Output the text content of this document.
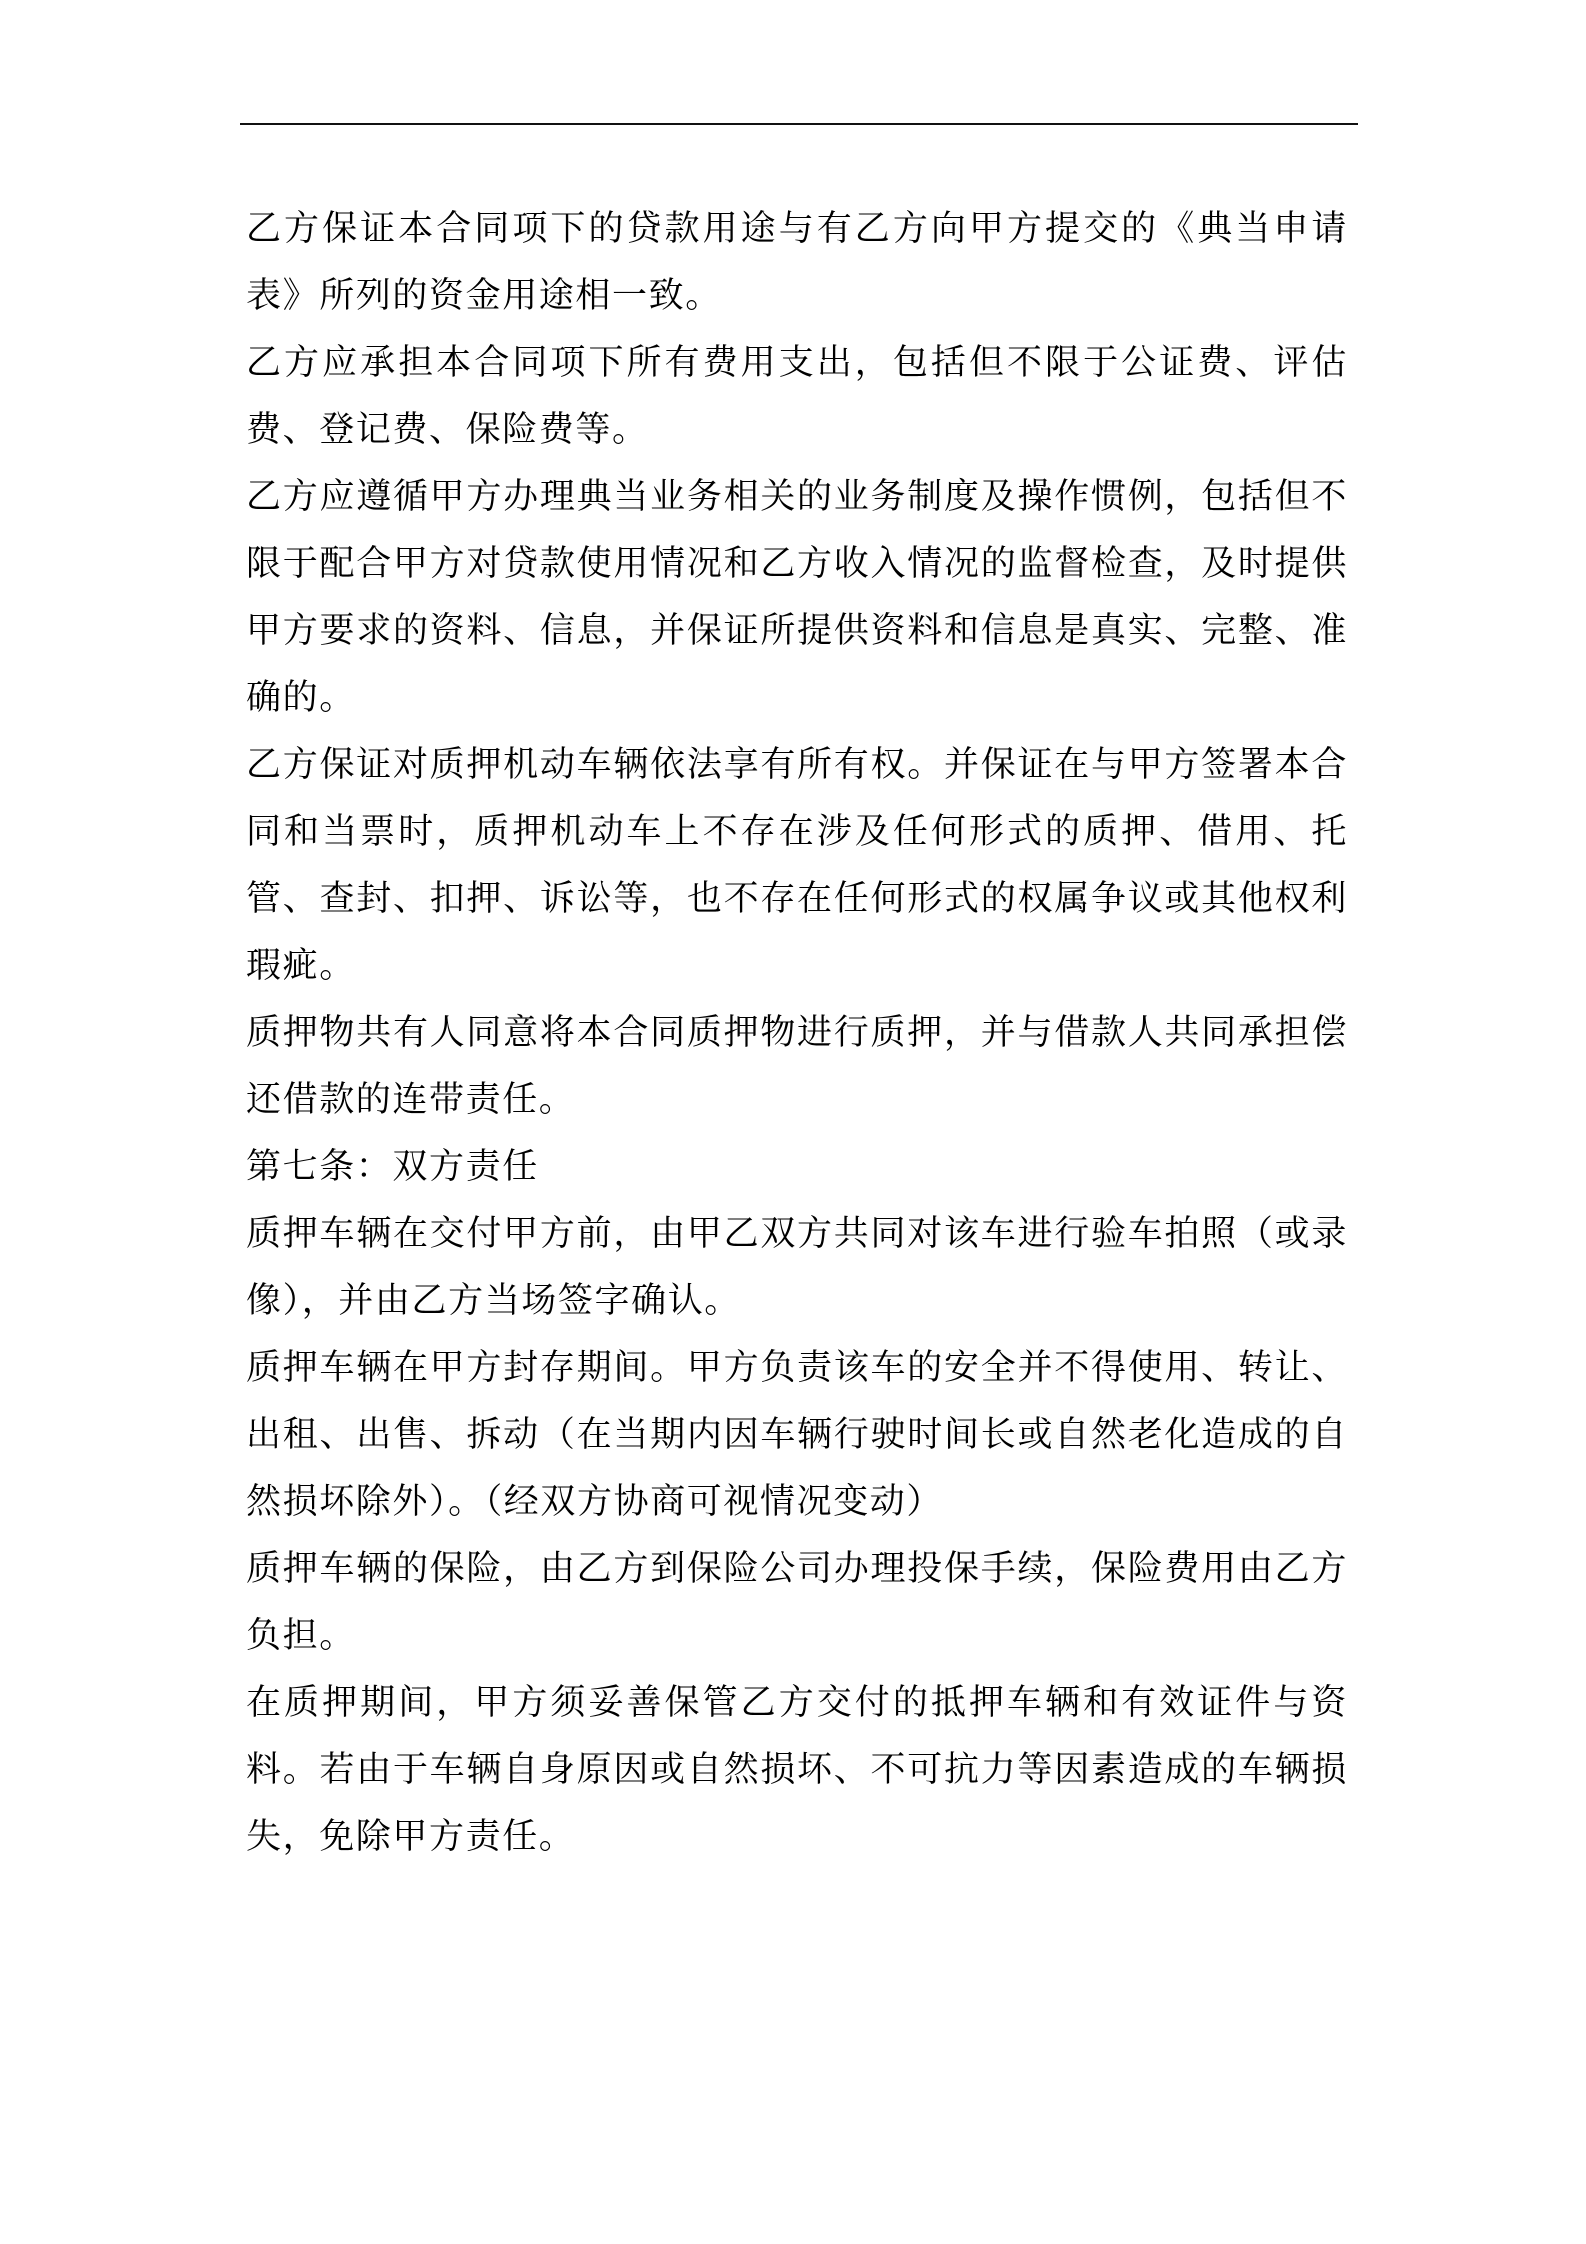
乙方保证本合同项下的贷款用途与有乙方向甲方提交的《典当申请表》所列的资金用途相一致。

乙方应承担本合同项下所有费用支出，包括但不限于公证费、评估费、登记费、保险费等。

乙方应遵循甲方办理典当业务相关的业务制度及操作惯例，包括但不限于配合甲方对贷款使用情况和乙方收入情况的监督检查，及时提供甲方要求的资料、信息，并保证所提供资料和信息是真实、完整、准确的。

乙方保证对质押机动车辆依法享有所有权。并保证在与甲方签署本合同和当票时，质押机动车上不存在涉及任何形式的质押、借用、托管、查封、扣押、诉讼等，也不存在任何形式的权属争议或其他权利瑕疵。

质押物共有人同意将本合同质押物进行质押，并与借款人共同承担偿还借款的连带责任。

第七条：双方责任

质押车辆在交付甲方前，由甲乙双方共同对该车进行验车拍照（或录像），并由乙方当场签字确认。

质押车辆在甲方封存期间。甲方负责该车的安全并不得使用、转让、出租、出售、拆动（在当期内因车辆行驶时间长或自然老化造成的自然损坏除外）。（经双方协商可视情况变动）

质押车辆的保险，由乙方到保险公司办理投保手续，保险费用由乙方负担。

在质押期间，甲方须妥善保管乙方交付的抵押车辆和有效证件与资料。若由于车辆自身原因或自然损坏、不可抗力等因素造成的车辆损失，免除甲方责任。
